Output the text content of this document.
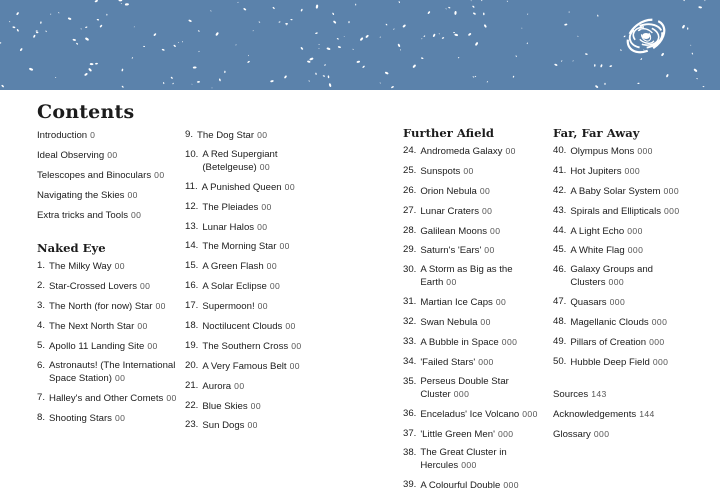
Contents
Introduction 0
Ideal Observing 00
Telescopes and Binoculars 00
Navigating the Skies 00
Extra tricks and Tools 00
Naked Eye
1. The Milky Way 00
2. Star-Crossed Lovers 00
3. The North (for now) Star 00
4. The Next North Star 00
5. Apollo 11 Landing Site 00
6. Astronauts! (The International Space Station) 00
7. Halley's and Other Comets 00
8. Shooting Stars 00
9. The Dog Star 00
10. A Red Supergiant (Betelgeuse) 00
11. A Punished Queen 00
12. The Pleiades 00
13. Lunar Halos 00
14. The Morning Star 00
15. A Green Flash 00
16. A Solar Eclipse 00
17. Supermoon! 00
18. Noctilucent Clouds 00
19. The Southern Cross 00
20. A Very Famous Belt 00
21. Aurora 00
22. Blue Skies 00
23. Sun Dogs 00
Further Afield
24. Andromeda Galaxy 00
25. Sunspots 00
26. Orion Nebula 00
27. Lunar Craters 00
28. Galilean Moons 00
29. Saturn's 'Ears' 00
30. A Storm as Big as the Earth 00
31. Martian Ice Caps 00
32. Swan Nebula 00
33. A Bubble in Space 000
34. 'Failed Stars' 000
35. Perseus Double Star Cluster 000
36. Enceladus' Ice Volcano 000
37. 'Little Green Men' 000
38. The Great Cluster in Hercules 000
39. A Colourful Double 000
Far, Far Away
40. Olympus Mons 000
41. Hot Jupiters 000
42. A Baby Solar System 000
43. Spirals and Ellipticals 000
44. A Light Echo 000
45. A White Flag 000
46. Galaxy Groups and Clusters 000
47. Quasars 000
48. Magellanic Clouds 000
49. Pillars of Creation 000
50. Hubble Deep Field 000
Sources 143
Acknowledgements 144
Glossary 000
